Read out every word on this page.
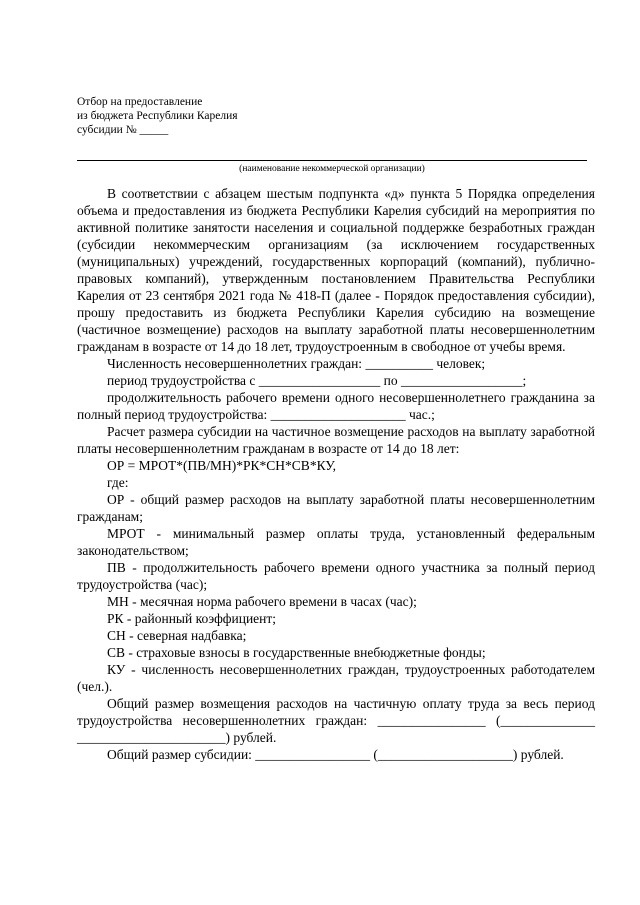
Отбор на предоставление
из бюджета Республики Карелия
субсидии № _____
(наименование некоммерческой организации)

В соответствии с абзацем шестым подпункта «д» пункта 5 Порядка определения объема и предоставления из бюджета Республики Карелия субсидий на мероприятия по активной политике занятости населения и социальной поддержке безработных граждан (субсидии некоммерческим организациям (за исключением государственных (муниципальных) учреждений, государственных корпораций (компаний), публично-правовых компаний), утвержденным постановлением Правительства Республики Карелия от 23 сентября 2021 года № 418-П (далее - Порядок предоставления субсидии), прошу предоставить из бюджета Республики Карелия субсидию на возмещение (частичное возмещение) расходов на выплату заработной платы несовершеннолетним гражданам в возрасте от 14 до 18 лет, трудоустроенным в свободное от учебы время.

Численность несовершеннолетних граждан: __________ человек;

период трудоустройства с __________________ по __________________;

продолжительность рабочего времени одного несовершеннолетнего гражданина за полный период трудоустройства: ____________________ час.;

Расчет размера субсидии на частичное возмещение расходов на выплату заработной платы несовершеннолетним гражданам в возрасте от 14 до 18 лет:

ОР = МРОТ*(ПВ/МН)*РК*СН*СВ*КУ,

где:

ОР - общий размер расходов на выплату заработной платы несовершеннолетним гражданам;

МРОТ - минимальный размер оплаты труда, установленный федеральным законодательством;

ПВ - продолжительность рабочего времени одного участника за полный период трудоустройства (час);

МН - месячная норма рабочего времени в часах (час);

РК - районный коэффициент;

СН - северная надбавка;

СВ - страховые взносы в государственные внебюджетные фонды;

КУ - численность несовершеннолетних граждан, трудоустроенных работодателем (чел.).

Общий размер возмещения расходов на частичную оплату труда за весь период трудоустройства несовершеннолетних граждан: ________________ (______________ ______________________) рублей.

Общий размер субсидии: _________________ (____________________) рублей.
